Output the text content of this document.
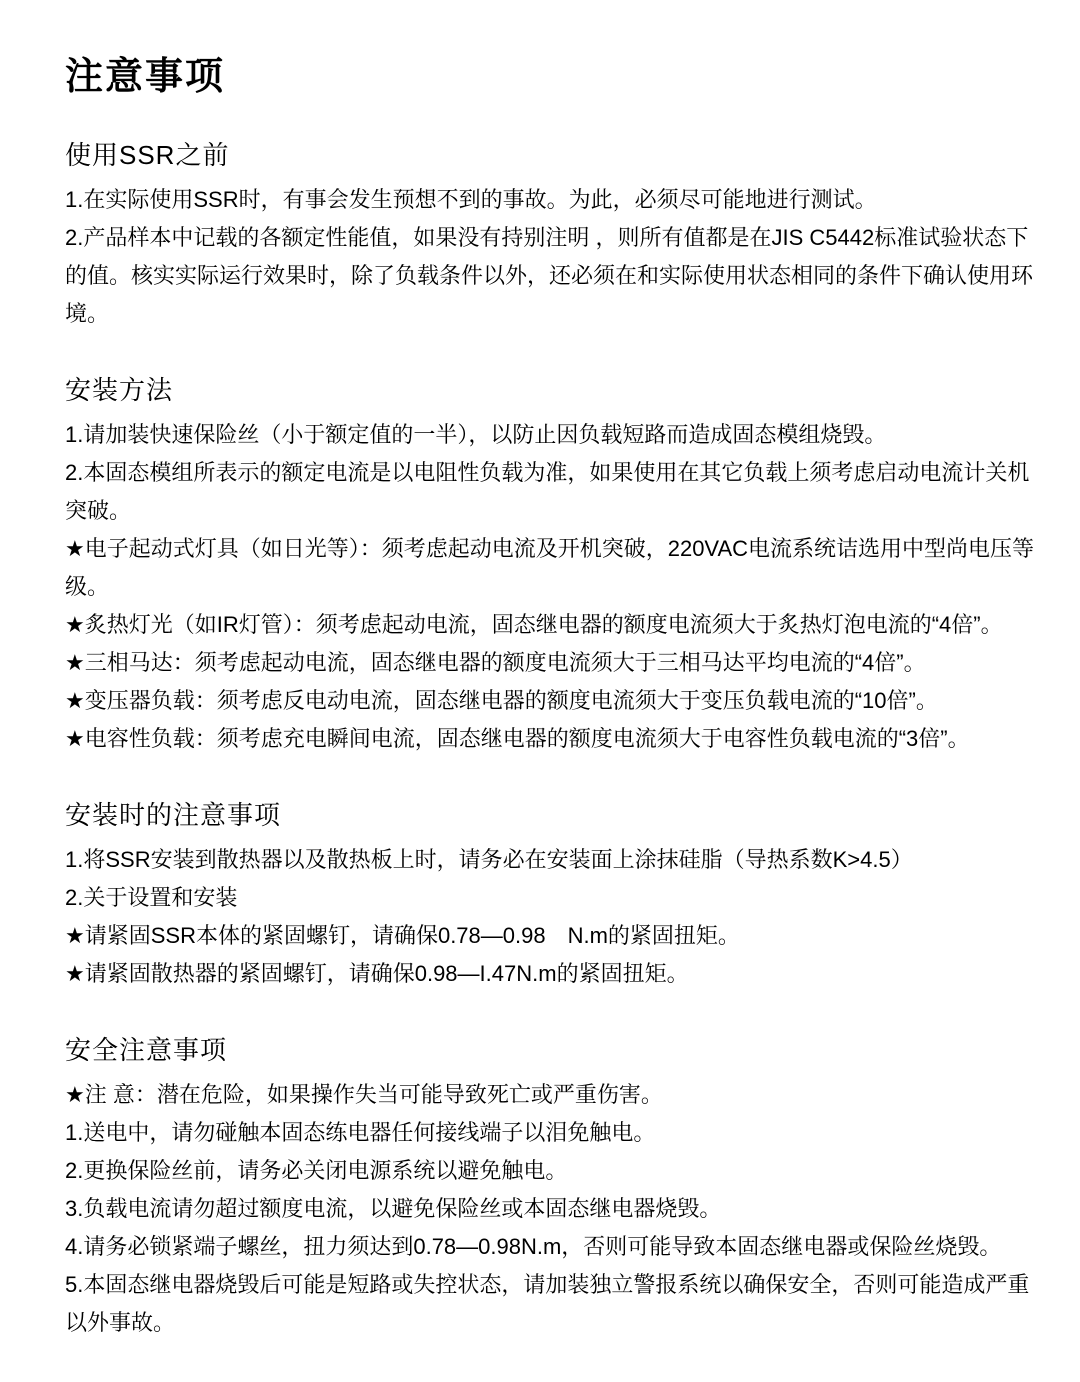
注意事项
使用SSR之前

1.在实际使用SSR时，有事会发生预想不到的事故。为此，必须尽可能地进行测试。

2.产品样本中记载的各额定性能值，如果没有持别注明 ，则所有值都是在JIS C5442标准试验状态下的值。核实实际运行效果时，除了负载条件以外，还必须在和实际使用状态相同的条件下确认使用环境。

安装方法

1.请加装快速保险丝（小于额定值的一半），以防止因负载短路而造成固态模组烧毁。

2.本固态模组所表示的额定电流是以电阻性负载为准，如果使用在其它负载上须考虑启动电流计关机突破。

★电子起动式灯具（如日光等）：须考虑起动电流及开机突破，220VAC电流系统诘选用中型尚电压等级。

★炙热灯光（如IR灯管）：须考虑起动电流，固态继电器的额度电流须大于炙热灯泡电流的“4倍”。

★三相马达：须考虑起动电流，固态继电器的额度电流须大于三相马达平均电流的“4倍”。

★变压器负载：须考虑反电动电流，固态继电器的额度电流须大于变压负载电流的“10倍”。

★电容性负载：须考虑充电瞬间电流，固态继电器的额度电流须大于电容性负载电流的“3倍”。

安装时的注意事项

1.将SSR安装到散热器以及散热板上时，请务必在安装面上涂抹硅脂（导热系数K>4.5）

2.关于设置和安装

★请紧固SSR本体的紧固螺钉，请确保0.78—0.98　N.m的紧固扭矩。

★请紧固散热器的紧固螺钉，请确保0.98—I.47N.m的紧固扭矩。

安全注意事项

★注 意：潜在危险，如果操作失当可能导致死亡或严重伤害。

1.送电中，请勿碰触本固态练电器任何接线端子以泪免触电。

2.更换保险丝前，请务必关闭电源系统以避免触电。

3.负载电流请勿超过额度电流，以避免保险丝或本固态继电器烧毁。

4.请务必锁紧端子螺丝，扭力须达到0.78—0.98N.m，否则可能导致本固态继电器或保险丝烧毁。

5.本固态继电器烧毁后可能是短路或失控状态，请加装独立警报系统以确保安全，否则可能造成严重以外事故。
